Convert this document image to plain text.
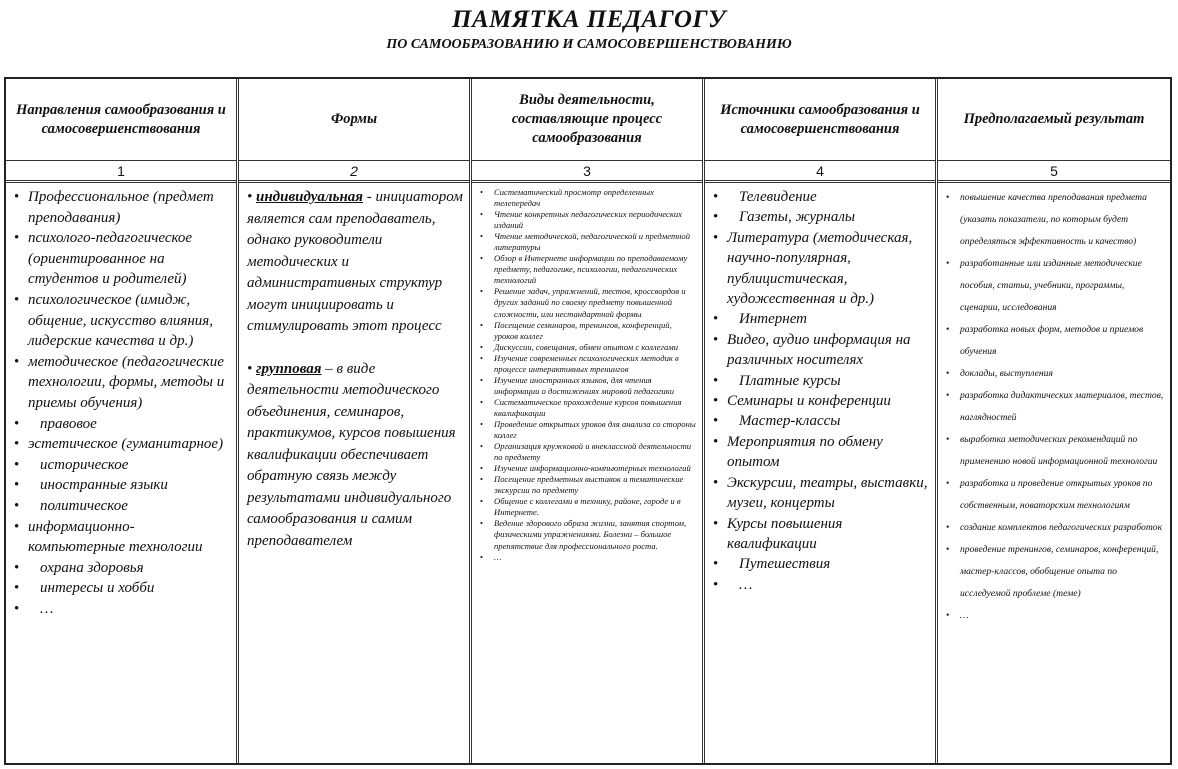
ПАМЯТКА ПЕДАГОГУ
ПО САМООБРАЗОВАНИЮ И САМОСОВЕРШЕНСТВОВАНИЮ
Направления самообразования и самосовершенствования
1
• Профессиональное (предмет преподавания)
• психолого-педагогическое (ориентированное на студентов и родителей)
• психологическое (имидж, общение, искусство влияния, лидерские качества и др.)
• методическое (педагогические технологии, формы, методы и приемы обучения)
• правовое
• эстетическое (гуманитарное)
• историческое
• иностранные языки
• политическое
• информационно-компьютерные технологии
• охрана здоровья
• интересы и хобби
• …
Формы
2
• индивидуальная - инициатором является сам преподаватель, однако руководители методических и административных структур могут инициировать и стимулировать этот процесс
• групповая – в виде деятельности методического объединения, семинаров, практикумов, курсов повышения квалификации обеспечивает обратную связь между результатами индивидуального самообразования и самим преподавателем
Виды деятельности, составляющие процесс самообразования
3
• Систематический просмотр определенных телепередач
• Чтение конкретных педагогических периодических изданий
• Чтение методической, педагогической и предметной литературы
• Обзор в Интернете информации по преподаваемому предмету, педагогике, психологии, педагогических технологий
• Решение задач, упражнений, тестов, кроссвордов и других заданий по своему предмету повышенной сложности, или нестандартной формы
• Посещение семинаров, тренингов, конференций, уроков коллег
• Дискуссии, совещания, обмен опытом с коллегами
• Изучение современных психологических методик в процессе интерактивных тренингов
• Изучение иностранных языков, для чтения информации о достижениях мировой педагогики
• Систематическое прохождение курсов повышения квалификации
• Проведение открытых уроков для анализа со стороны коллег
• Организация кружковой и внеклассной деятельности по предмету
• Изучение информационно-компьютерных технологий
• Посещение предметных выставок и тематические экскурсии по предмету
• Общение с коллегами в технику, районе, городе и в Интернете.
• Ведение здорового образа жизни, занятия спортом, физическими упражнениями. Болезни – большое препятствие для профессионального роста.
• …
Источники самообразования и самосовершенствования
4
• Телевидение
• Газеты, журналы
• Литература (методическая, научно-популярная, публицистическая, художественная и др.)
• Интернет
• Видео, аудио информация на различных носителях
• Платные курсы
• Семинары и конференции
• Мастер-классы
• Мероприятия по обмену опытом
• Экскурсии, театры, выставки, музеи, концерты
• Курсы повышения квалификации
• Путешествия
• …
Предполагаемый результат
5
• повышение качества преподавания предмета (указать показатели, по которым будет определяться эффективность и качество)
• разработанные или изданные методические пособия, статьи, учебники, программы, сценарии, исследования
• разработка новых форм, методов и приемов обучения
• доклады, выступления
• разработка дидактических материалов, тестов, наглядностей
• выработка методических рекомендаций по применению новой информационной технологии
• разработка и проведение открытых уроков по собственным, новаторским технологиям
• создание комплектов педагогических разработок
• проведение тренингов, семинаров, конференций, мастер-классов, обобщение опыта по исследуемой проблеме (теме)
• …
